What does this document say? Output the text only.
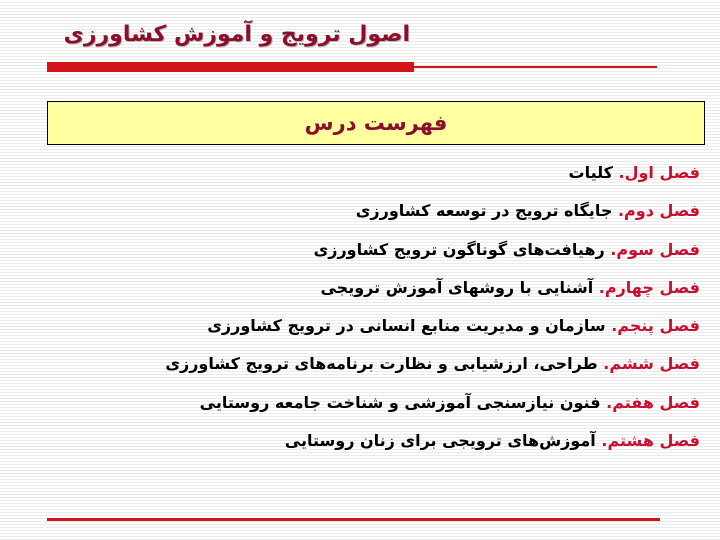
اصول ترویج و آموزش کشاورزی
فهرست درس
فصل اول. کلیات
فصل دوم. جایگاه ترویج در توسعه کشاورزی
فصل سوم. رهیافت‌های گوناگون ترویج کشاورزی
فصل چهارم. آشنایی با روشهای آموزش ترویجی
فصل پنجم. سازمان و مدیریت منابع انسانی در ترویج کشاورزی
فصل ششم. طراحی، ارزشیابی و نظارت برنامه‌های ترویج کشاورزی
فصل هفتم. فنون نیازسنجی آموزشی و شناخت جامعه روستایی
فصل هشتم. آموزش‌های ترویجی برای زنان روستایی
